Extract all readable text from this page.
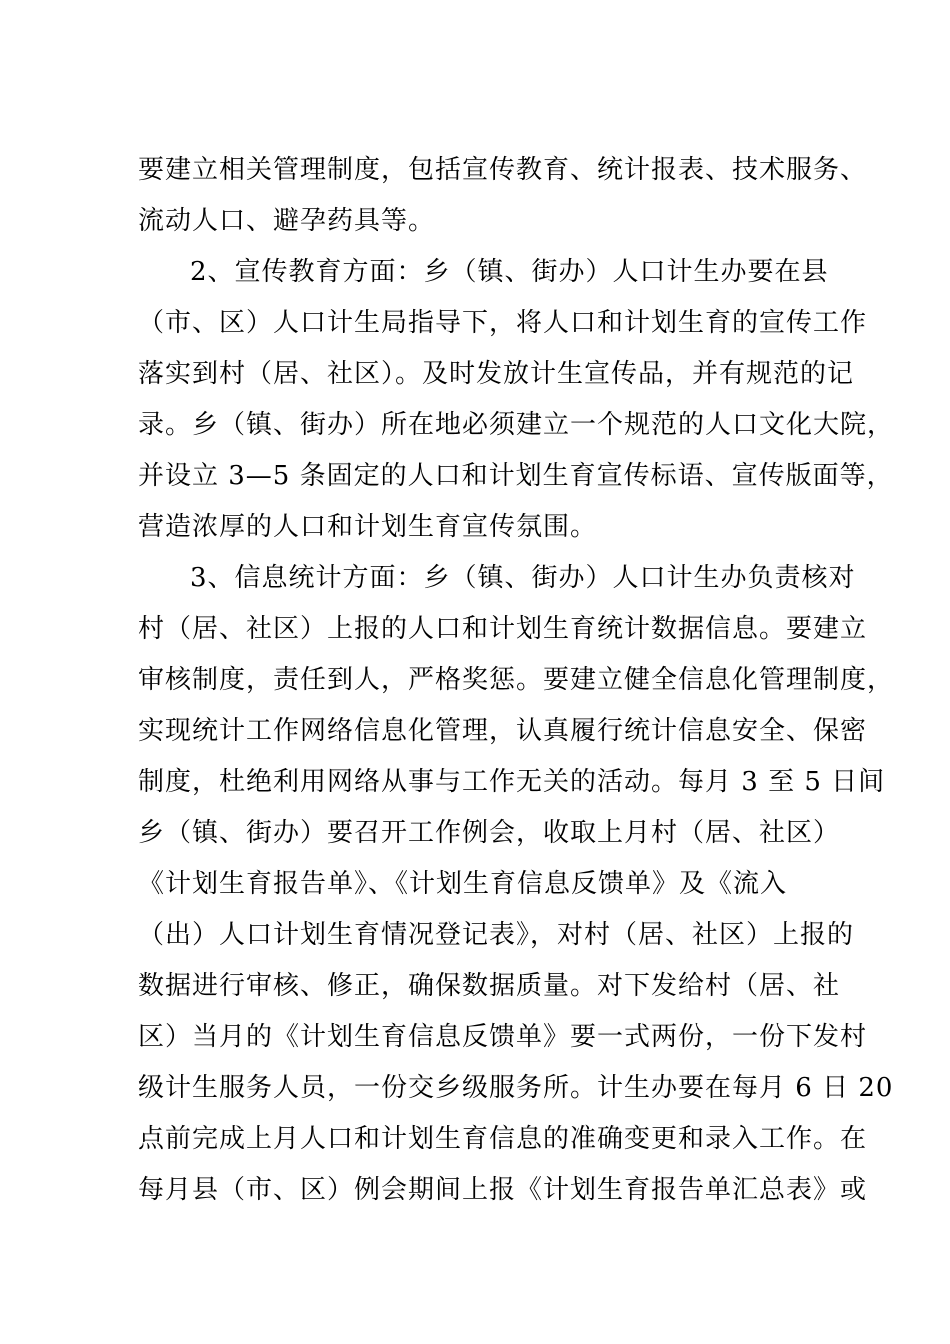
要建立相关管理制度，包括宣传教育、统计报表、技术服务、
流动人口、避孕药具等。
2、宣传教育方面：乡（镇、街办）人口计生办要在县
（市、区）人口计生局指导下，将人口和计划生育的宣传工作
落实到村（居、社区）。及时发放计生宣传品，并有规范的记
录。乡（镇、街办）所在地必须建立一个规范的人口文化大院，
并设立 3—5 条固定的人口和计划生育宣传标语、宣传版面等，
营造浓厚的人口和计划生育宣传氛围。
3、信息统计方面：乡（镇、街办）人口计生办负责核对
村（居、社区）上报的人口和计划生育统计数据信息。要建立
审核制度，责任到人，严格奖惩。要建立健全信息化管理制度，
实现统计工作网络信息化管理，认真履行统计信息安全、保密
制度，杜绝利用网络从事与工作无关的活动。每月 3 至 5 日间
乡（镇、街办）要召开工作例会，收取上月村（居、社区）
《计划生育报告单》、《计划生育信息反馈单》及《流入
（出）人口计划生育情况登记表》，对村（居、社区）上报的
数据进行审核、修正，确保数据质量。对下发给村（居、社
区）当月的《计划生育信息反馈单》要一式两份，一份下发村
级计生服务人员，一份交乡级服务所。计生办要在每月 6 日 20
点前完成上月人口和计划生育信息的准确变更和录入工作。在
每月县（市、区）例会期间上报《计划生育报告单汇总表》或
